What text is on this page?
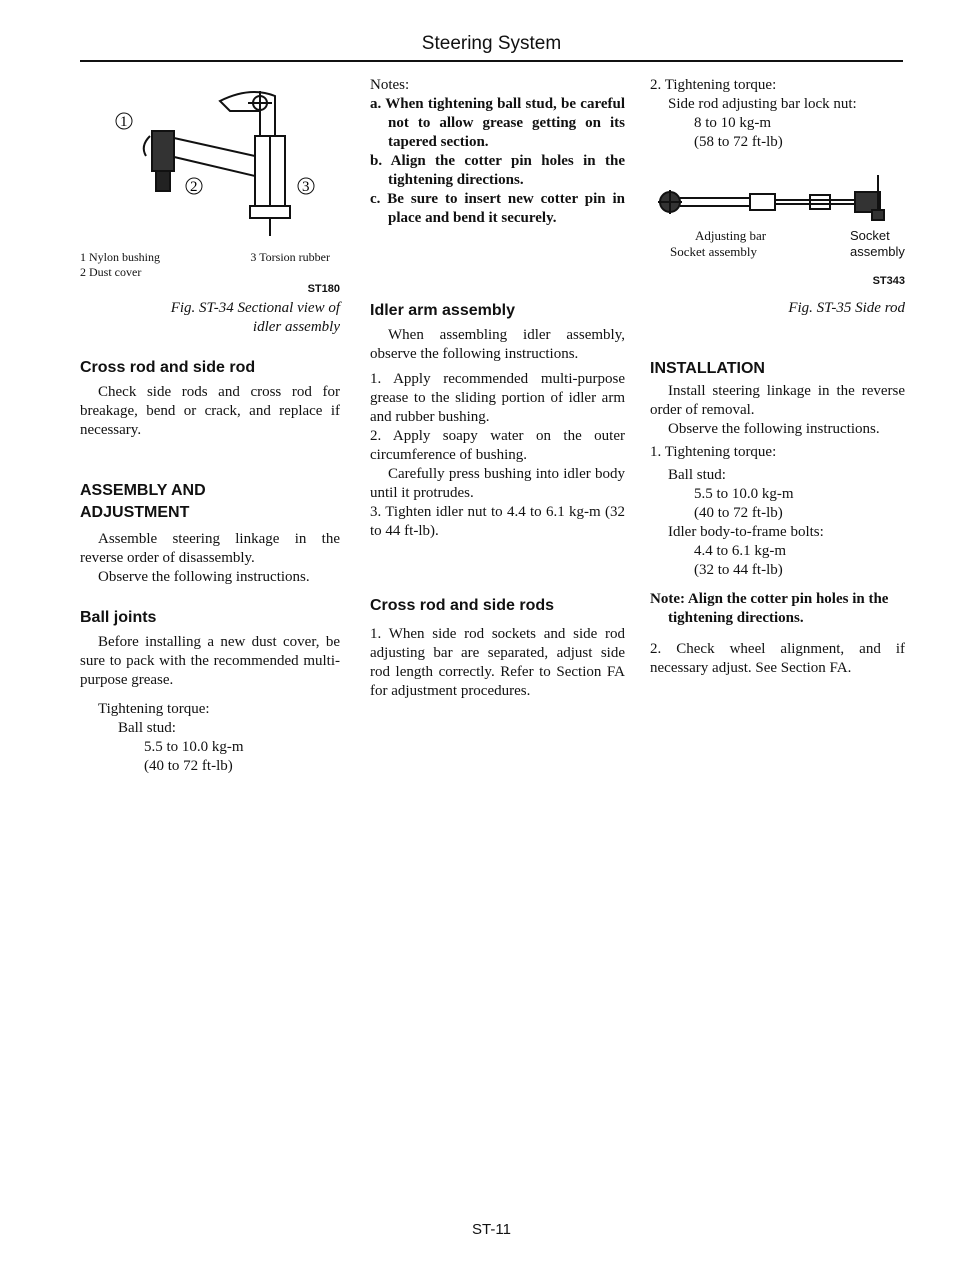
Steering System
1
2	3
1 Nylon bushing	3 Torsion rubber
2 Dust cover
ST180
Fig. ST-34 Sectional view of
idler assembly
Cross rod and side rod

Check side rods and cross rod for breakage, bend or crack, and replace if necessary.

ASSEMBLY AND
ADJUSTMENT

Assemble steering linkage in the reverse order of disassembly.

Observe the following instructions.

Ball joints

Before installing a new dust cover, be sure to pack with the recommended multi-purpose grease.

Tightening torque:

Ball stud:

5.5 to 10.0 kg-m

(40 to 72 ft-lb)

Notes:

a. When tightening ball stud, be careful not to allow grease getting on its tapered section.

b. Align the cotter pin holes in the tightening directions.

c. Be sure to insert new cotter pin in place and bend it securely.

Idler arm assembly

When assembling idler assembly, observe the following instructions.

1. Apply recommended multi-purpose grease to the sliding portion of idler arm and rubber bushing.

2. Apply soapy water on the outer circumference of bushing.

Carefully press bushing into idler body until it protrudes.

3. Tighten idler nut to 4.4 to 6.1 kg-m (32 to 44 ft-lb).

Cross rod and side rods

1. When side rod sockets and side rod adjusting bar are separated, adjust side rod length correctly. Refer to Section FA for adjustment procedures.

2. Tightening torque:

Side rod adjusting bar lock nut:

8 to 10 kg-m

(58 to 72 ft-lb)

Adjusting bar
Socket assembly
Socket
assembly
ST343
Fig. ST-35 Side rod
INSTALLATION

Install steering linkage in the reverse order of removal.

Observe the following instructions.

1. Tightening torque:

Ball stud:

5.5 to 10.0 kg-m

(40 to 72 ft-lb)

Idler body-to-frame bolts:

4.4 to 6.1 kg-m

(32 to 44 ft-lb)

Note: Align the cotter pin holes in the tightening directions.

2. Check wheel alignment, and if necessary adjust. See Section FA.

ST-11
